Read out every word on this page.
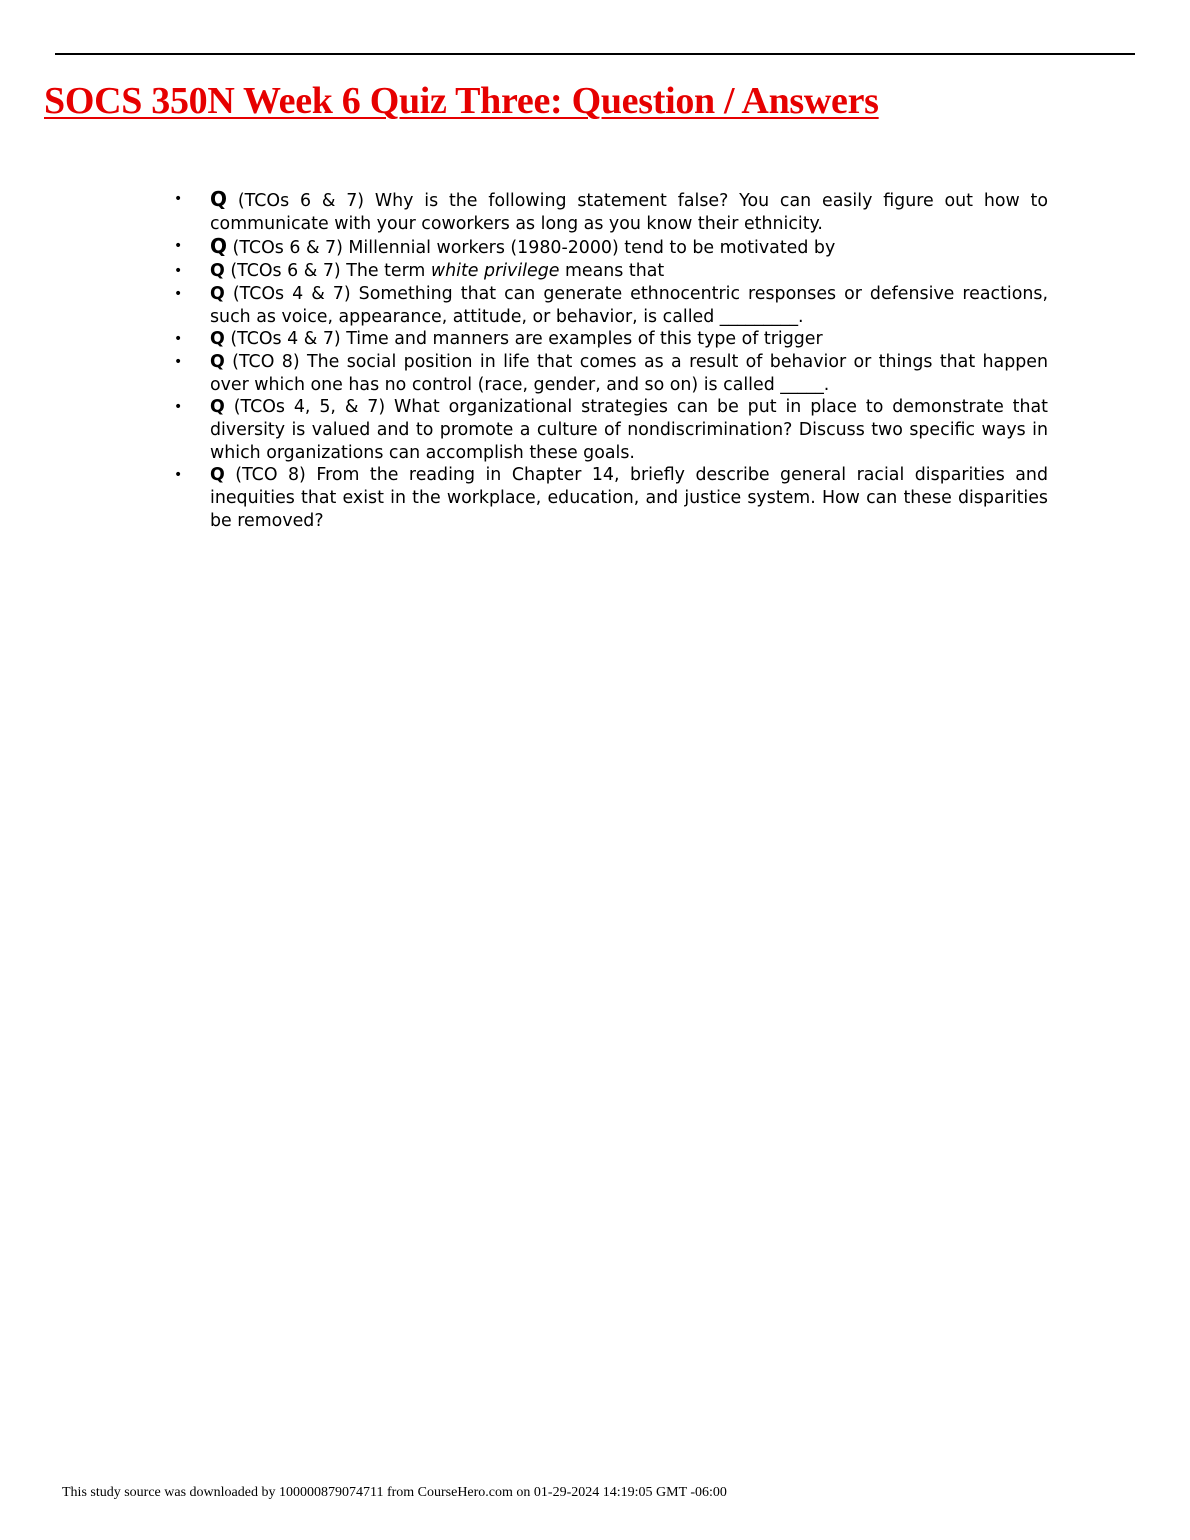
SOCS 350N Week 6 Quiz Three: Question / Answers
• Q (TCOs 6 & 7) Why is the following statement false? You can easily figure out how to communicate with your coworkers as long as you know their ethnicity.
• Q (TCOs 6 & 7) Millennial workers (1980-2000) tend to be motivated by
• Q (TCOs 6 & 7) The term white privilege means that
• Q (TCOs 4 & 7) Something that can generate ethnocentric responses or defensive reactions, such as voice, appearance, attitude, or behavior, is called _________.
• Q (TCOs 4 & 7) Time and manners are examples of this type of trigger
• Q (TCO 8) The social position in life that comes as a result of behavior or things that happen over which one has no control (race, gender, and so on) is called _____.
• Q (TCOs 4, 5, & 7) What organizational strategies can be put in place to demonstrate that diversity is valued and to promote a culture of nondiscrimination? Discuss two specific ways in which organizations can accomplish these goals.
• Q (TCO 8) From the reading in Chapter 14, briefly describe general racial disparities and inequities that exist in the workplace, education, and justice system. How can these disparities be removed?
This study source was downloaded by 100000879074711 from CourseHero.com on 01-29-2024 14:19:05 GMT -06:00
